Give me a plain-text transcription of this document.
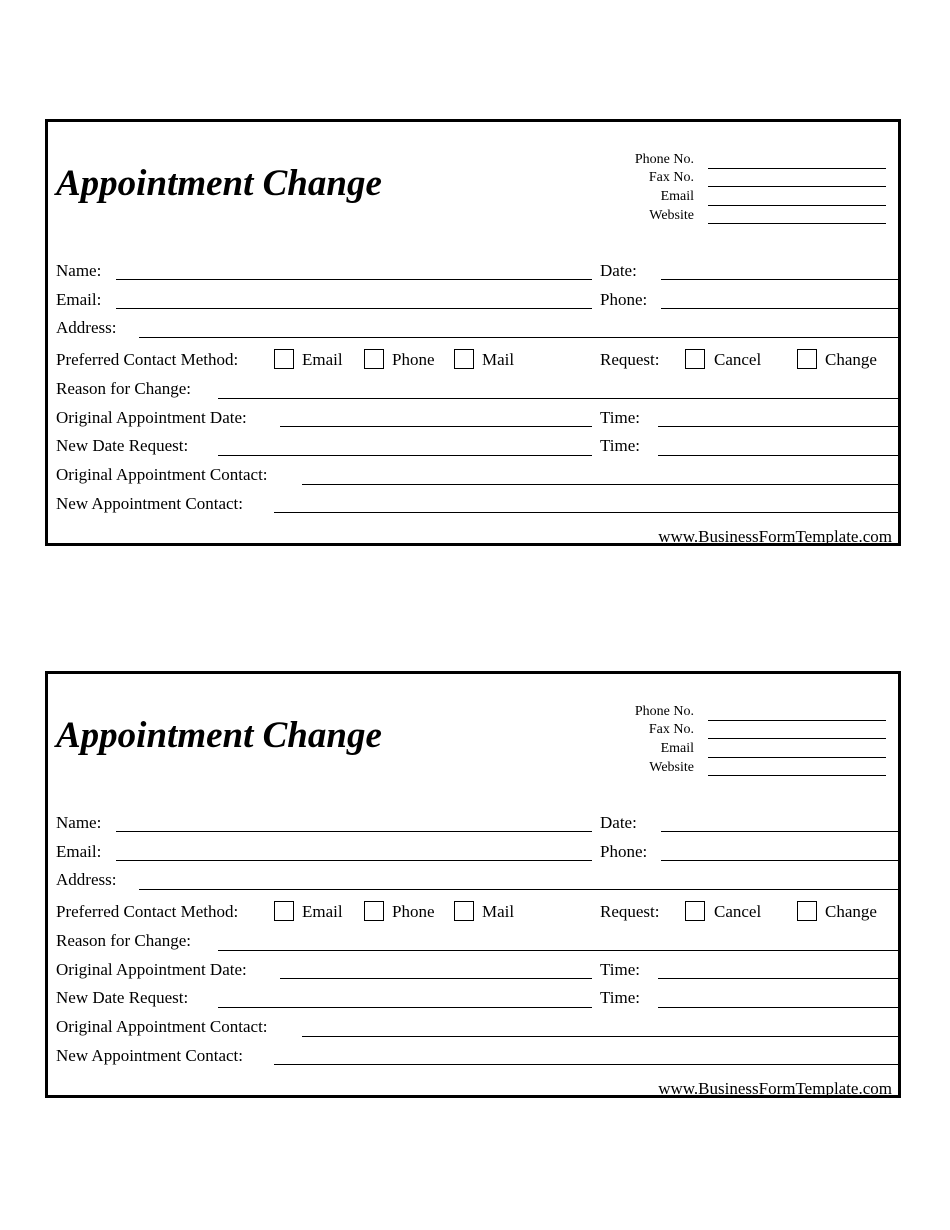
Appointment Change
Phone No.
Fax No.
Email
Website
Name:	Date:
Email:	Phone:
Address:
Preferred Contact Method:	Email	Phone	Mail	Request:	Cancel	Change
Reason for Change:
Original Appointment Date:	Time:
New Date Request:	Time:
Original Appointment Contact:
New Appointment Contact:
www.BusinessFormTemplate.com
Appointment Change
Phone No.
Fax No.
Email
Website
Name:	Date:
Email:	Phone:
Address:
Preferred Contact Method:	Email	Phone	Mail	Request:	Cancel	Change
Reason for Change:
Original Appointment Date:	Time:
New Date Request:	Time:
Original Appointment Contact:
New Appointment Contact:
www.BusinessFormTemplate.com
